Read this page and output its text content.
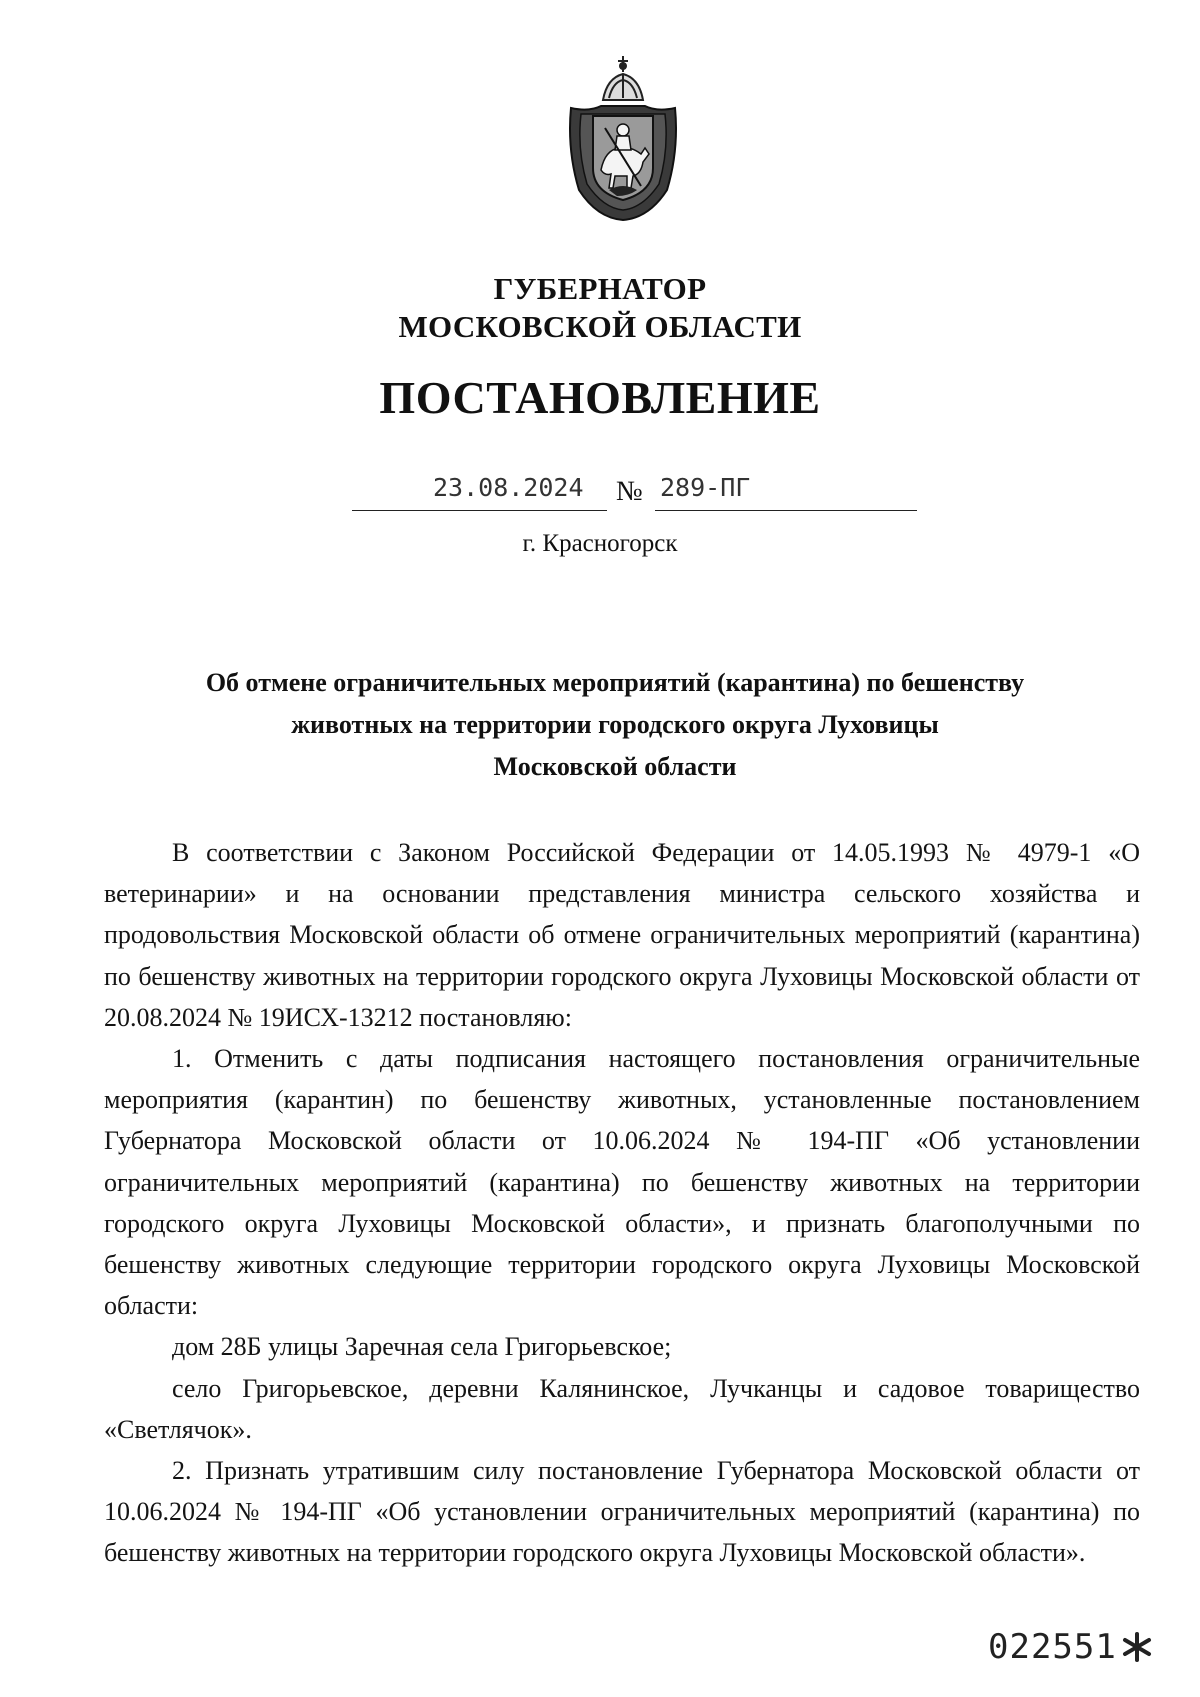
ГУБЕРНАТОР
МОСКОВСКОЙ ОБЛАСТИ
ПОСТАНОВЛЕНИЕ
23.08.2024 № 289-ПГ
г. Красногорск
Об отмене ограничительных мероприятий (карантина) по бешенству
животных на территории городского округа Луховицы
Московской области

В соответствии с Законом Российской Федерации от 14.05.1993 № 4979-1 «О ветеринарии» и на основании представления министра сельского хозяйства и продовольствия Московской области об отмене ограничительных мероприятий (карантина) по бешенству животных на территории городского округа Луховицы Московской области от 20.08.2024 № 19ИСХ-13212 постановляю:

1. Отменить с даты подписания настоящего постановления ограничительные мероприятия (карантин) по бешенству животных, установленные постановлением Губернатора Московской области от 10.06.2024 № 194-ПГ «Об установлении ограничительных мероприятий (карантина) по бешенству животных на территории городского округа Луховицы Московской области», и признать благополучными по бешенству животных следующие территории городского округа Луховицы Московской области:

дом 28Б улицы Заречная села Григорьевское;

село Григорьевское, деревни Калянинское, Лучканцы и садовое товарищество «Светлячок».

2. Признать утратившим силу постановление Губернатора Московской области от 10.06.2024 № 194-ПГ «Об установлении ограничительных мероприятий (карантина) по бешенству животных на территории городского округа Луховицы Московской области».

022551
